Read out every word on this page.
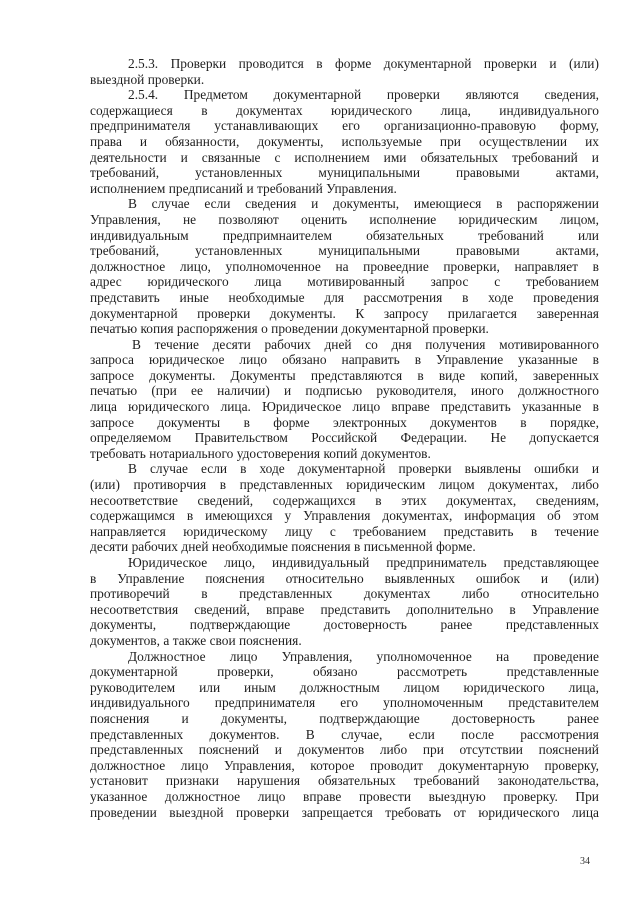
2.5.3. Проверки проводится в форме документарной проверки и (или)
выездной проверки.
2.5.4. Предметом документарной проверки являются сведения,
содержащиеся в документах юридического лица, индивидуального
предпринимателя устанавливающих его организационно-правовую форму,
права и обязанности, документы, используемые при осуществлении их
деятельности и связанные с исполнением ими обязательных требований и
требований,	установленных	муниципальными	правовыми	актами,
исполнением предписаний и требований Управления.
В случае если сведения и документы, имеющиеся в распоряжении
Управления, не позволяют оценить исполнение юридическим лицом,
индивидуальным	предпримнаителем	обязательных	требований	или
требований,	установленных	муниципальными	правовыми	актами,
должностное лицо, уполномоченное на провеедние проверки, направляет в
адрес юридического лица мотивированный запрос с требованием
представить иные необходимые для рассмотрения в ходе проведения
документарной проверки документы. К запросу прилагается заверенная
печатью копия распоряжения о проведении документарной проверки.
В течение десяти рабочих дней со дня получения мотивированного
запроса юридическое лицо обязано направить в Управление указанные в
запросе документы. Документы представляются в виде копий, заверенных
печатью (при ее наличии) и подписью руководителя, иного должностного
лица юридического лица. Юридическое лицо вправе представить указанные в
запросе документы в форме электронных документов в порядке,
определяемом Правительством Российской Федерации. Не допускается
требовать нотариального удостоверения копий документов.
В случае если в ходе документарной проверки выявлены ошибки и
(или) противорчия в представленных юридическим лицом документах, либо
несоответствие сведений, содержащихся в этих документах, сведениям,
содержащимся в имеющихся у Управления документах, информация об этом
направляется юридическому лицу с требованием представить в течение
десяти рабочих дней необходимые пояснения в письменной форме.
Юридическое лицо, индивидуальный предприниматель представляющее
в Управление пояснения относительно выявленных ошибок и (или)
противоречий в представленных документах либо относительно
несоответствия сведений, вправе представить дополнительно в Управление
документы,	подтверждающие	достоверность	ранее	представленных
документов, а также свои пояснения.
Должностное лицо Управления, уполномоченное на проведение
документарной	проверки,	обязано	рассмотреть	представленные
руководителем или иным должностным лицом юридического лица,
индивидуального предпринимателя его уполномоченным представителем
пояснения и документы, подтверждающие достоверность ранее
представленных документов. В случае, если после рассмотрения
представленных пояснений и документов либо при отсутствии пояснений
должностное лицо Управления, которое проводит документарную проверку,
установит признаки нарушения обязательных требований законодательства,
указанное должностное лицо вправе провести выездную проверку. При
проведении выездной проверки запрещается требовать от юридического лица
34
